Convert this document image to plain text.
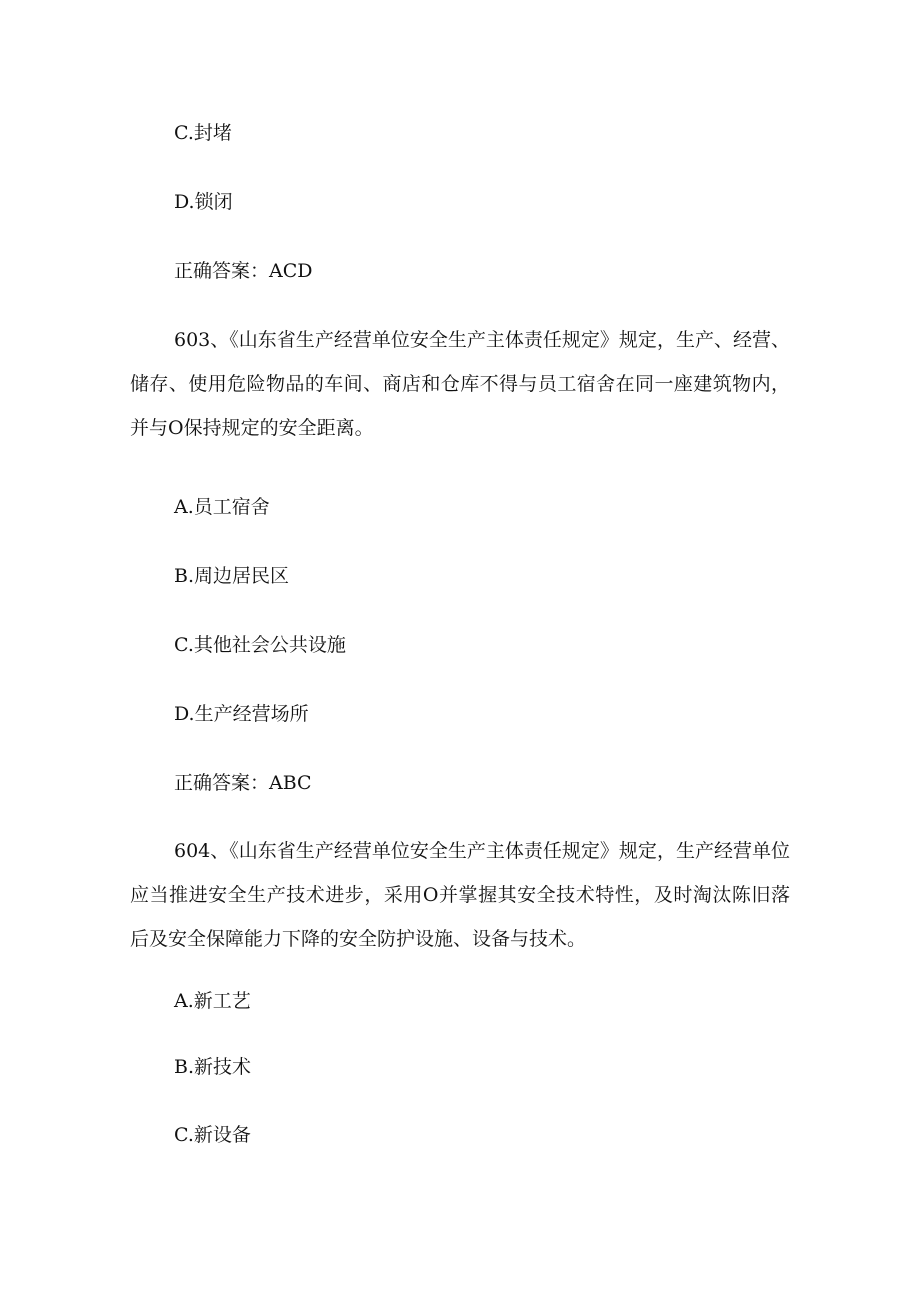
C.封堵
D.锁闭
正确答案：ACD

603、《山东省生产经营单位安全生产主体责任规定》规定，生产、经营、储存、使用危险物品的车间、商店和仓库不得与员工宿舍在同一座建筑物内，并与O保持规定的安全距离。

A.员工宿舍
B.周边居民区
C.其他社会公共设施
D.生产经营场所
正确答案：ABC

604、《山东省生产经营单位安全生产主体责任规定》规定，生产经营单位应当推进安全生产技术进步，采用O并掌握其安全技术特性，及时淘汰陈旧落后及安全保障能力下降的安全防护设施、设备与技术。

A.新工艺
B.新技术
C.新设备
